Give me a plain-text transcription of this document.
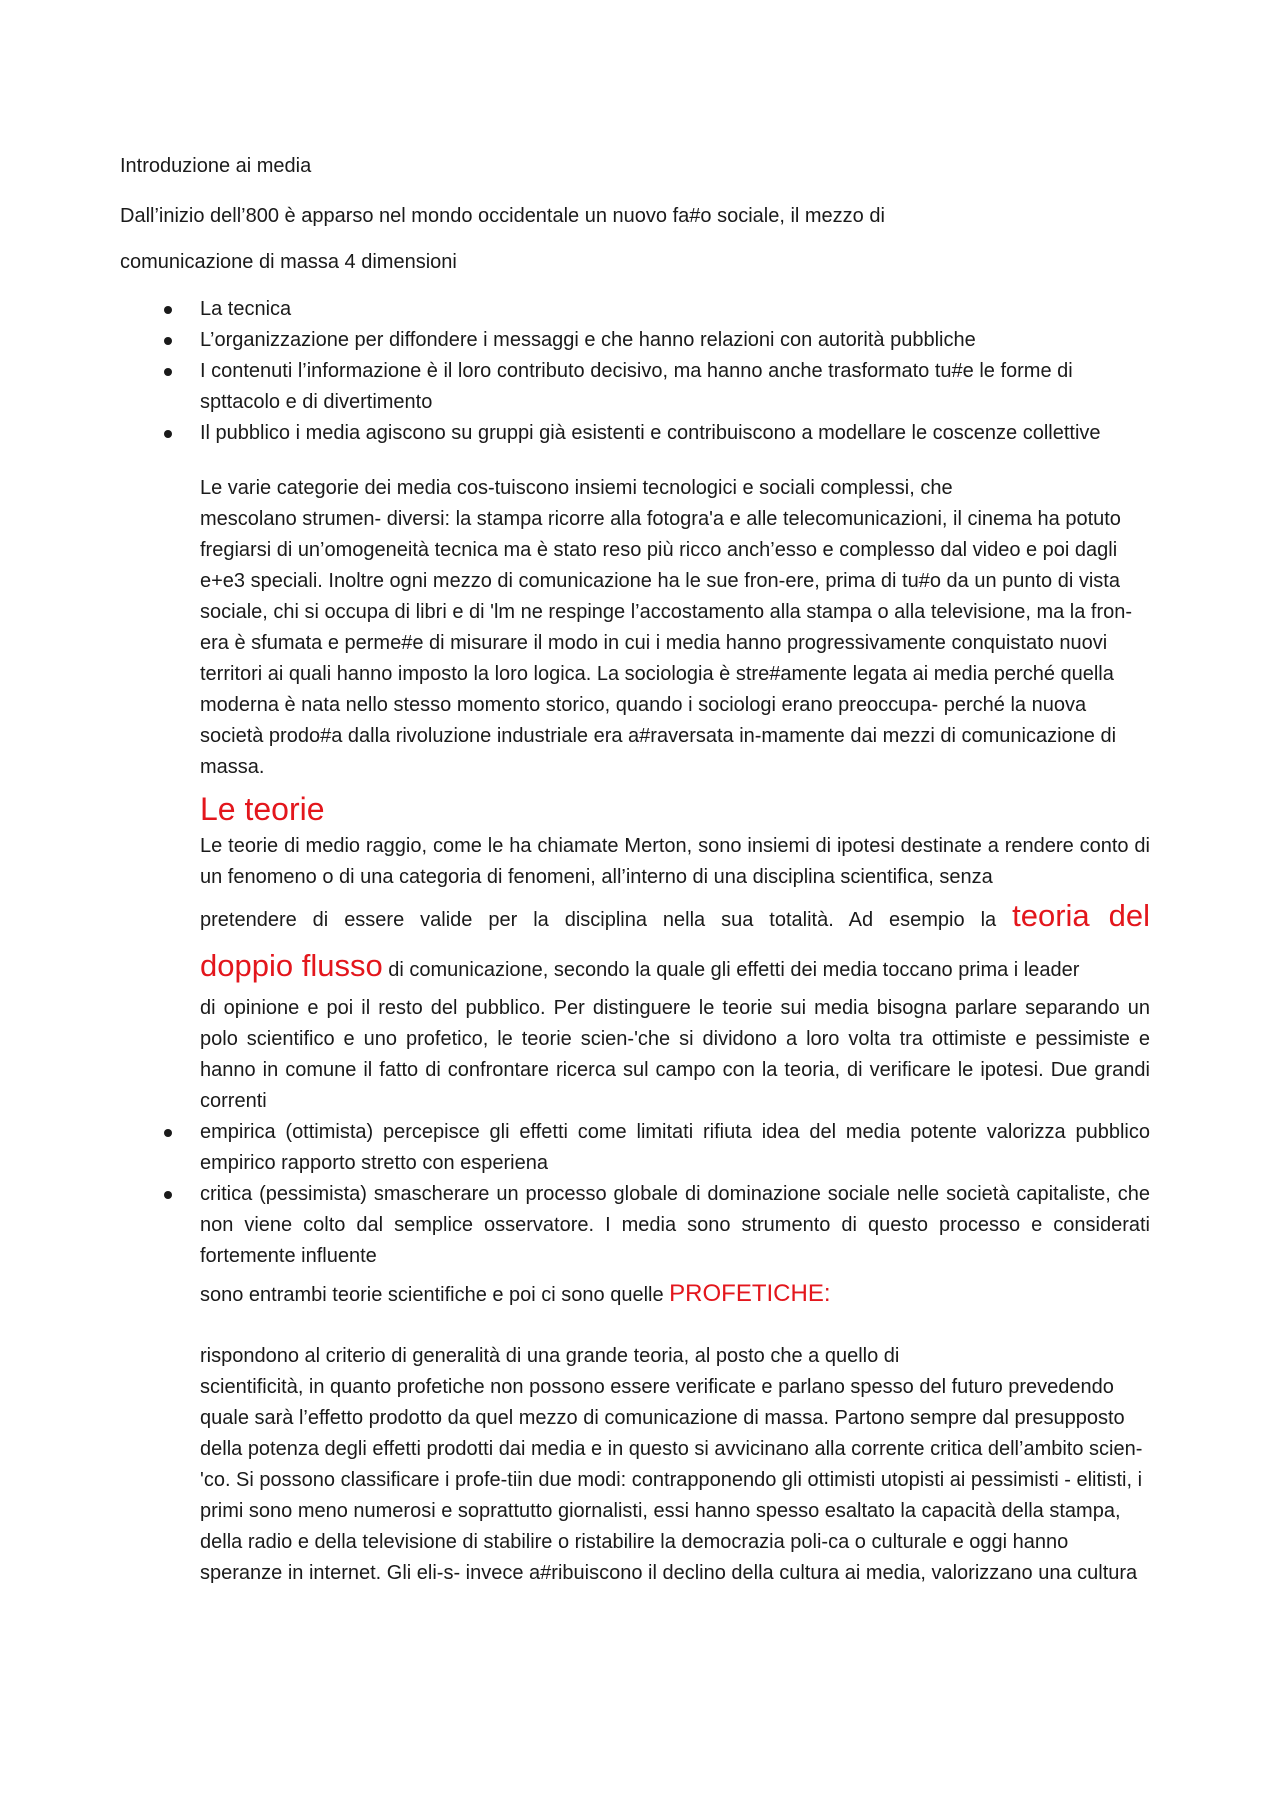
Introduzione ai media

Dall’inizio dell’800 è apparso nel mondo occidentale un nuovo fa#o sociale, il mezzo di

comunicazione di massa 4 dimensioni

La tecnica
L’organizzazione per diffondere i messaggi e che hanno relazioni con autorità pubbliche
I contenuti l’informazione è il loro contributo decisivo, ma hanno anche trasformato tu#e le forme di spttacolo e di divertimento
Il pubblico i media agiscono su gruppi già esistenti e contribuiscono a modellare le coscenze collettive
Le varie categorie dei media cos-tuiscono insiemi tecnologici e sociali complessi, che
mescolano strumen- diversi: la stampa ricorre alla fotogra'a e alle telecomunicazioni, il cinema ha potuto fregiarsi di un’omogeneità tecnica ma è stato reso più ricco anch’esso e complesso dal video e poi dagli e+e3 speciali. Inoltre ogni mezzo di comunicazione ha le sue fron-ere, prima di tu#o da un punto di vista sociale, chi si occupa di libri e di 'lm ne respinge l’accostamento alla stampa o alla televisione, ma la fron-era è sfumata e perme#e di misurare il modo in cui i media hanno progressivamente conquistato nuovi territori ai quali hanno imposto la loro logica. La sociologia è stre#amente legata ai media perché quella moderna è nata nello stesso momento storico, quando i sociologi erano preoccupa- perché la nuova società prodo#a dalla rivoluzione industriale era a#raversata in-mamente dai mezzi di comunicazione di massa.
Le teorie
Le teorie di medio raggio, come le ha chiamate Merton, sono insiemi di ipotesi destinate a rendere conto di un fenomeno o di una categoria di fenomeni, all’interno di una disciplina scientifica, senza
pretendere di essere valide per la disciplina nella sua totalità. Ad esempio la teoria del
doppio flusso di comunicazione, secondo la quale gli effetti dei media toccano prima i leader
di opinione e poi il resto del pubblico. Per distinguere le teorie sui media bisogna parlare separando un polo scientifico e uno profetico, le teorie scien-'che si dividono a loro volta tra ottimiste e pessimiste e hanno in comune il fatto di confrontare ricerca sul campo con la teoria, di verificare le ipotesi. Due grandi correnti
empirica (ottimista) percepisce gli effetti come limitati rifiuta idea del media potente valorizza pubblico empirico rapporto stretto con esperiena
critica (pessimista) smascherare un processo globale di dominazione sociale nelle società capitaliste, che non viene colto dal semplice osservatore. I media sono strumento di questo processo e considerati fortemente influente
sono entrambi teorie scientifiche e poi ci sono quelle PROFETICHE:
rispondono al criterio di generalità di una grande teoria, al posto che a quello di
scientificità, in quanto profetiche non possono essere verificate e parlano spesso del futuro prevedendo quale sarà l’effetto prodotto da quel mezzo di comunicazione di massa. Partono sempre dal presupposto della potenza degli effetti prodotti dai media e in questo si avvicinano alla corrente critica dell’ambito scien-'co. Si possono classificare i profe-tiin due modi: contrapponendo gli ottimisti utopisti ai pessimisti - elitisti, i primi sono meno numerosi e soprattutto giornalisti, essi hanno spesso esaltato la capacità della stampa, della radio e della televisione di stabilire o ristabilire la democrazia poli-ca o culturale e oggi hanno speranze in internet. Gli eli-s- invece a#ribuiscono il declino della cultura ai media, valorizzano una cultura
